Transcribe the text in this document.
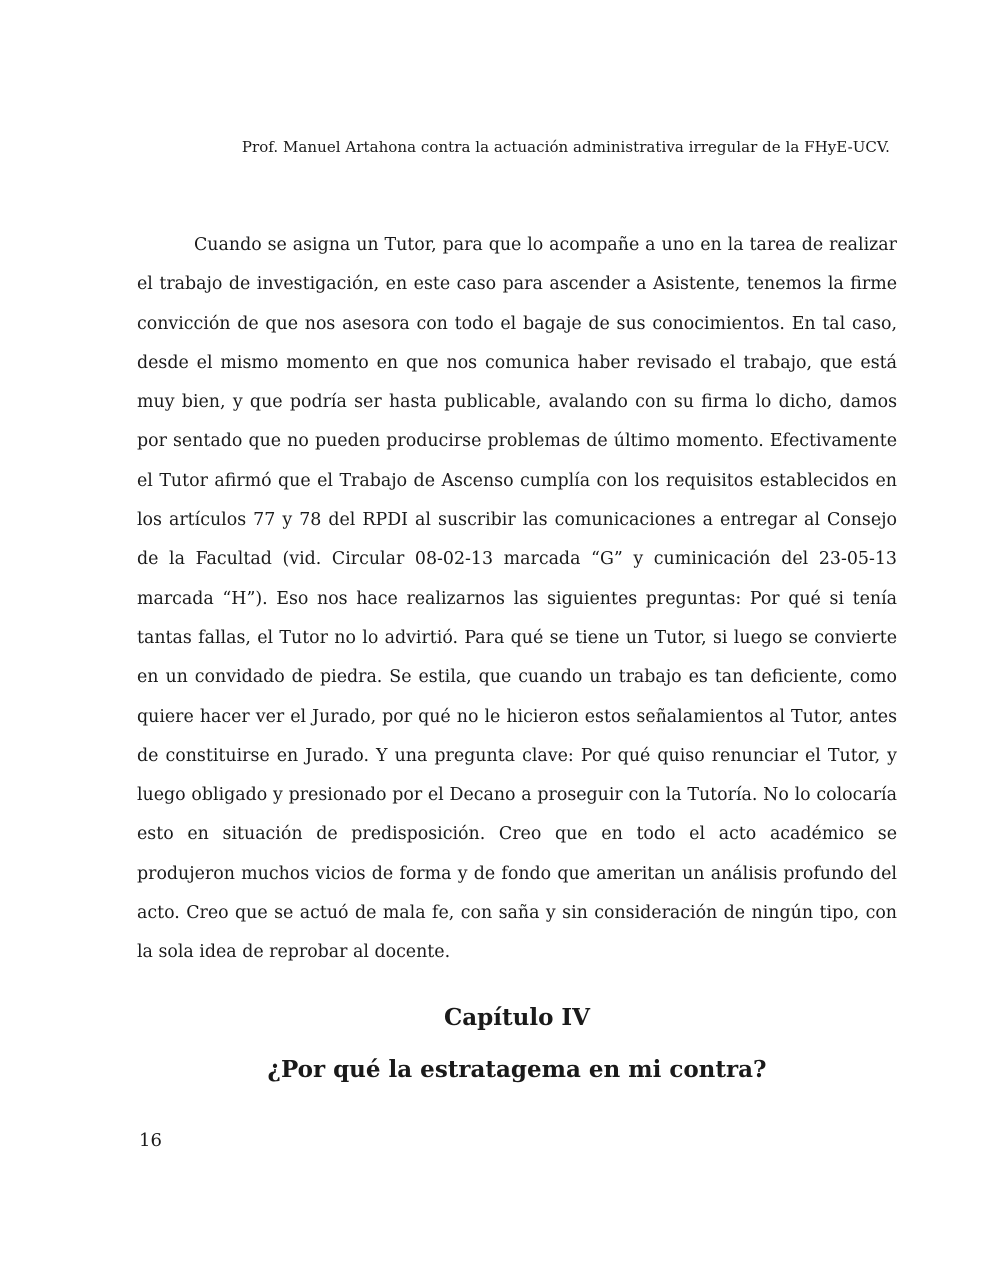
Prof. Manuel Artahona contra la actuación administrativa irregular de la FHyE-UCV.

Cuando se asigna un Tutor, para que lo acompañe a uno en la tarea de realizar el trabajo de investigación, en este caso para ascender a Asistente, tenemos la firme convicción de que nos asesora con todo el bagaje de sus conocimientos. En tal caso, desde el mismo momento en que nos comunica haber revisado el trabajo, que está muy bien, y que podría ser hasta publicable, avalando con su firma lo dicho, damos por sentado que no pueden producirse problemas de último momento. Efectivamente el Tutor afirmó que el Trabajo de Ascenso cumplía con los requisitos establecidos en los artículos 77 y 78 del RPDI al suscribir las comunicaciones a entregar al Consejo de la Facultad (vid. Circular 08-02-13 marcada “G” y cuminicación del 23-05-13 marcada “H”). Eso nos hace realizarnos las siguientes preguntas: Por qué si tenía tantas fallas, el Tutor no lo advirtió. Para qué se tiene un Tutor, si luego se convierte en un convidado de piedra. Se estila, que cuando un trabajo es tan deficiente, como quiere hacer ver el Jurado, por qué no le hicieron estos señalamientos al Tutor, antes de constituirse en Jurado. Y una pregunta clave: Por qué quiso renunciar el Tutor, y luego obligado y presionado por el Decano a proseguir con la Tutoría. No lo colocaría esto en situación de predisposición. Creo que en todo el acto académico se produjeron muchos vicios de forma y de fondo que ameritan un análisis profundo del acto. Creo que se actuó de mala fe, con saña y sin consideración de ningún tipo, con la sola idea de reprobar al docente.

Capítulo IV
¿Por qué la estratagema en mi contra?
16
